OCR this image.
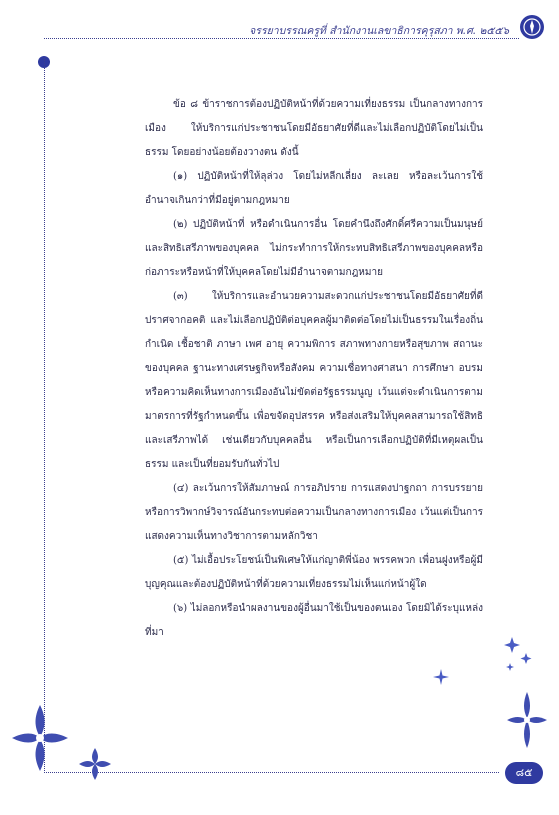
จรรยาบรรณครูที่ สำนักงานเลขาธิการคุรุสภา พ.ศ. ๒๕๕๖
๘๕

ข้อ ๘ ข้าราชการต้องปฏิบัติหน้าที่ด้วยความเที่ยงธรรม เป็นกลางทางการเมือง ให้บริการแก่ประชาชนโดยมีอัธยาศัยที่ดีและไม่เลือกปฏิบัติโดยไม่เป็นธรรม โดยอย่างน้อยต้องวางตน ดังนี้

(๑) ปฏิบัติหน้าที่ให้ลุล่วง โดยไม่หลีกเลี่ยง ละเลย หรือละเว้นการใช้อำนาจเกินกว่าที่มีอยู่ตามกฎหมาย

(๒) ปฏิบัติหน้าที่ หรือดำเนินการอื่น โดยคำนึงถึงศักดิ์ศรีความเป็นมนุษย์และสิทธิเสรีภาพของบุคคล ไม่กระทำการให้กระทบสิทธิเสรีภาพของบุคคลหรือก่อภาระหรือหน้าที่ให้บุคคลโดยไม่มีอำนาจตามกฎหมาย

(๓) ให้บริการและอำนวยความสะดวกแก่ประชาชนโดยมีอัธยาศัยที่ดีปราศจากอคติ และไม่เลือกปฏิบัติต่อบุคคลผู้มาติดต่อโดยไม่เป็นธรรมในเรื่องถิ่นกำเนิด เชื้อชาติ ภาษา เพศ อายุ ความพิการ สภาพทางกายหรือสุขภาพ สถานะของบุคคล ฐานะทางเศรษฐกิจหรือสังคม ความเชื่อทางศาสนา การศึกษา อบรมหรือความคิดเห็นทางการเมืองอันไม่ขัดต่อรัฐธรรมนูญ เว้นแต่จะดำเนินการตามมาตรการที่รัฐกำหนดขึ้น เพื่อขจัดอุปสรรค หรือส่งเสริมให้บุคคลสามารถใช้สิทธิและเสรีภาพได้ เช่นเดียวกับบุคคลอื่น หรือเป็นการเลือกปฏิบัติที่มีเหตุผลเป็นธรรม และเป็นที่ยอมรับกันทั่วไป

(๔) ละเว้นการให้สัมภาษณ์ การอภิปราย การแสดงปาฐกถา การบรรยายหรือการวิพากษ์วิจารณ์อันกระทบต่อความเป็นกลางทางการเมือง เว้นแต่เป็นการแสดงความเห็นทางวิชาการตามหลักวิชา

(๕) ไม่เอื้อประโยชน์เป็นพิเศษให้แก่ญาติพี่น้อง พรรคพวก เพื่อนฝูงหรือผู้มีบุญคุณและต้องปฏิบัติหน้าที่ด้วยความเที่ยงธรรมไม่เห็นแก่หน้าผู้ใด

(๖) ไม่ลอกหรือนำผลงานของผู้อื่นมาใช้เป็นของตนเอง โดยมิได้ระบุแหล่งที่มา
